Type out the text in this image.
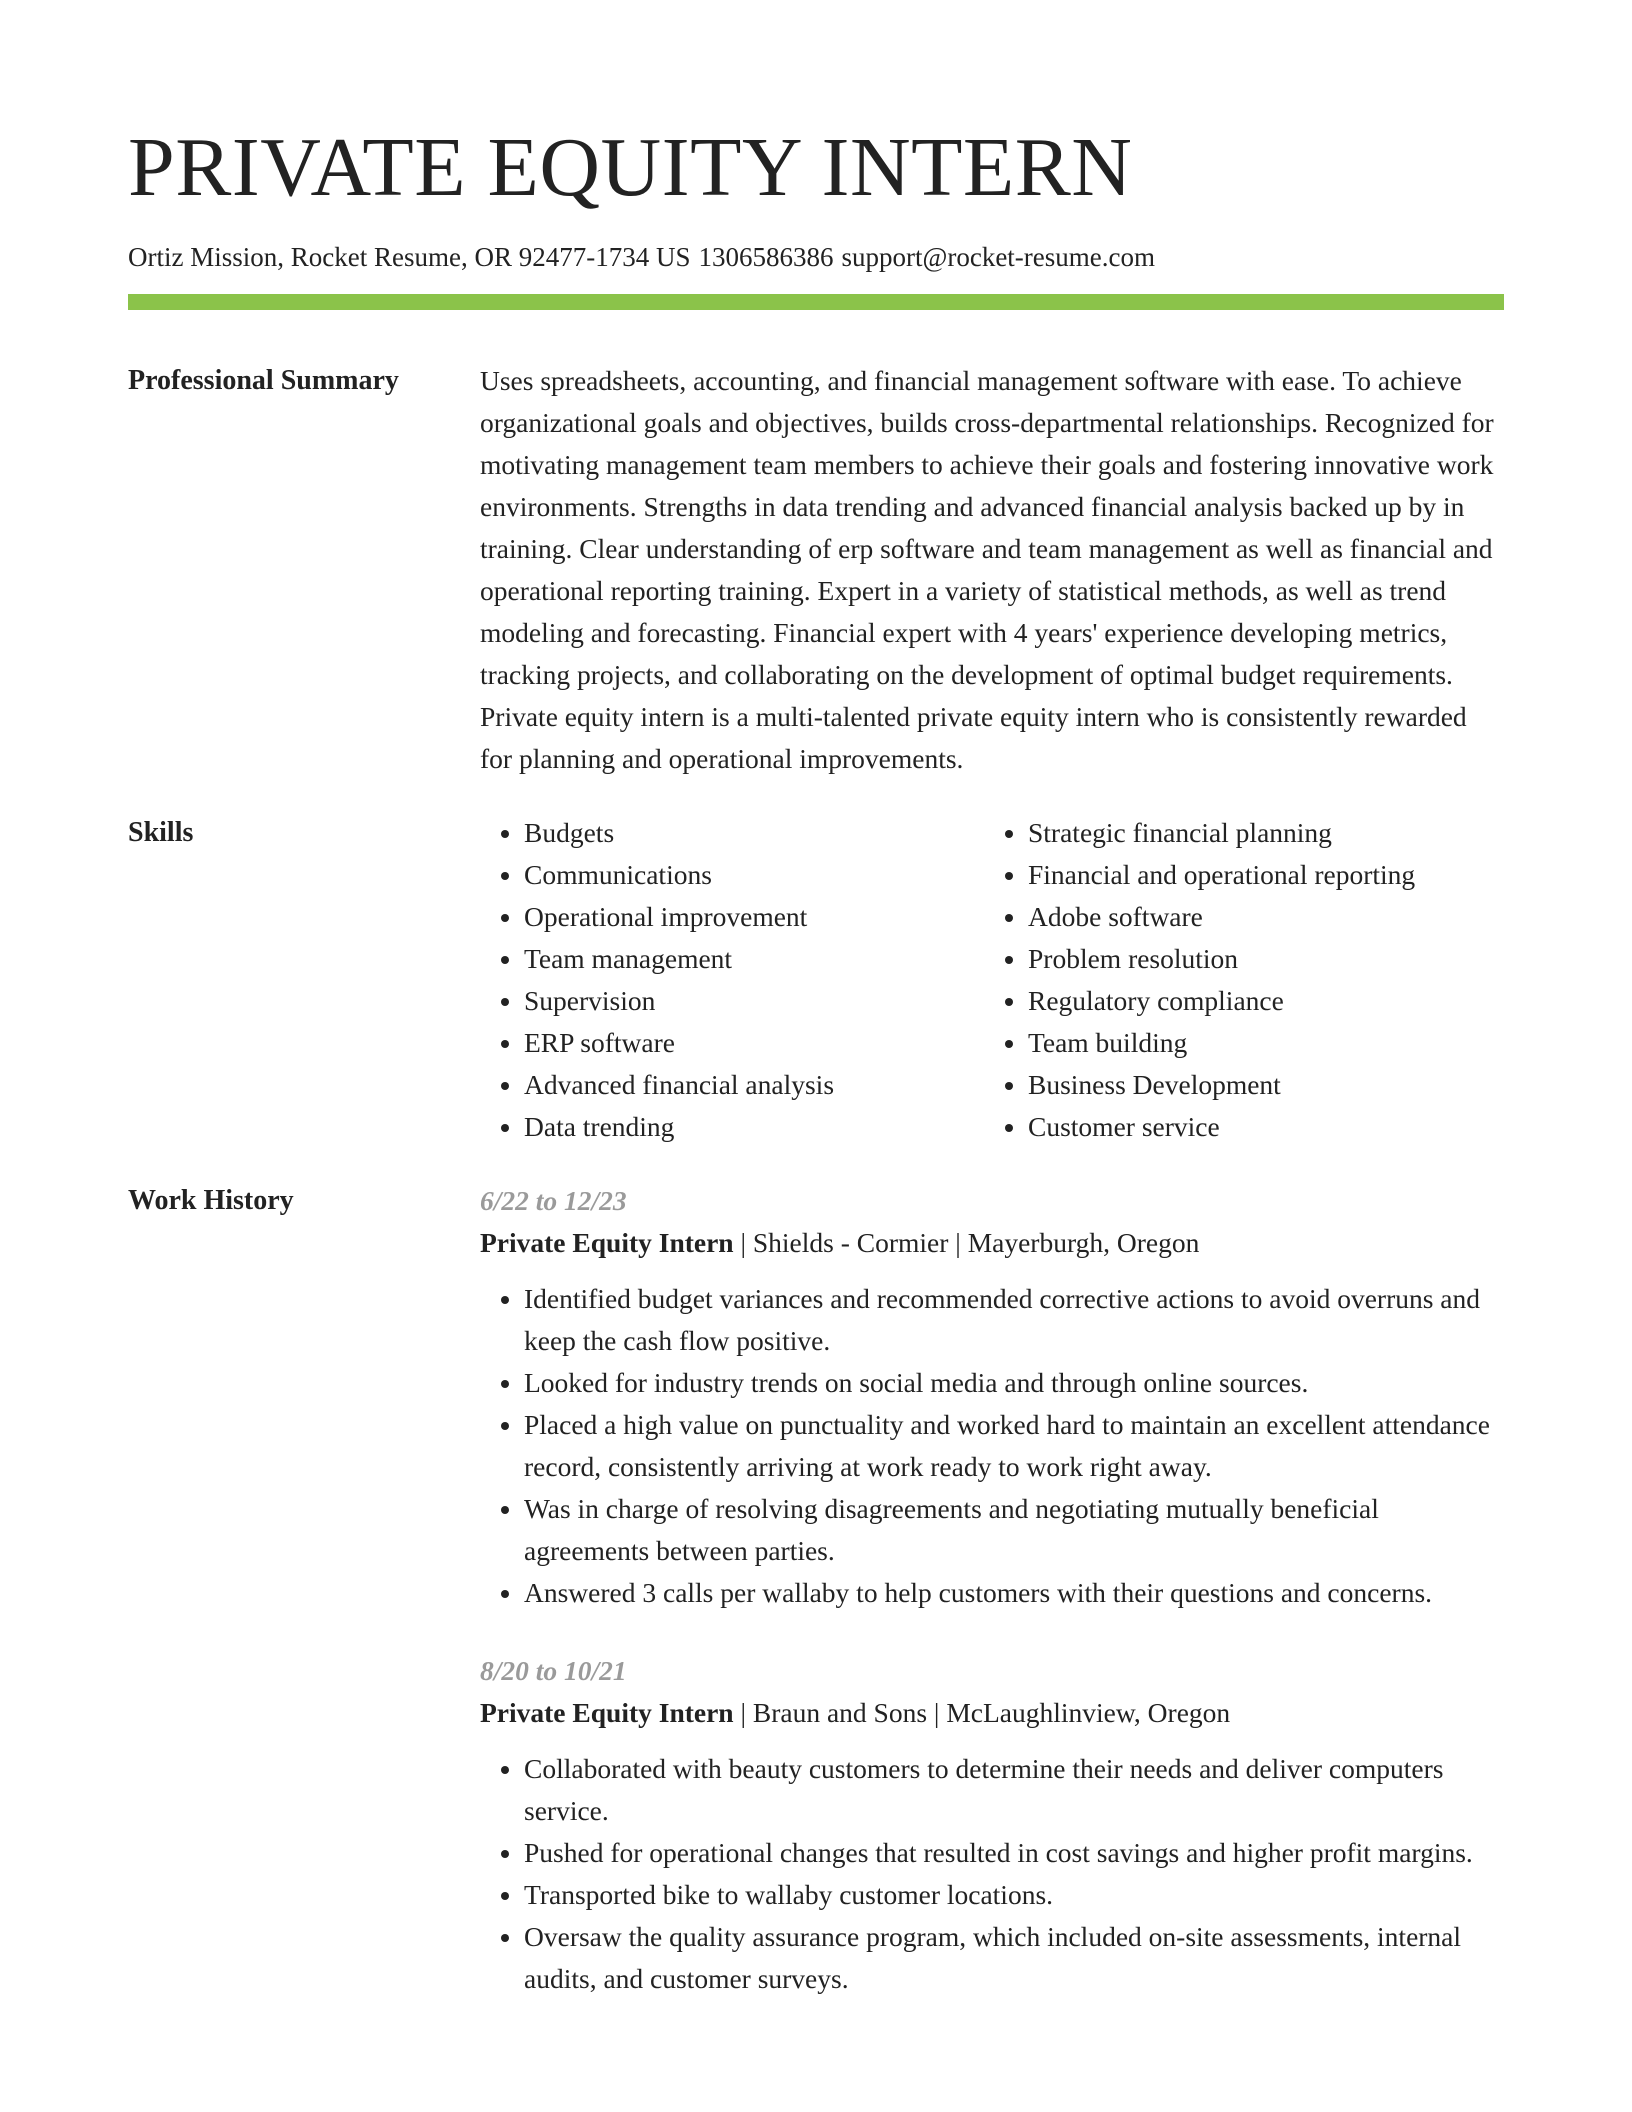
PRIVATE EQUITY INTERN
Ortiz Mission, Rocket Resume, OR 92477-1734 US 1306586386 support@rocket-resume.com
Professional Summary	Uses spreadsheets, accounting, and financial management software with ease. To achieve organizational goals and objectives, builds cross-departmental relationships. Recognized for motivating management team members to achieve their goals and fostering innovative work environments. Strengths in data trending and advanced financial analysis backed up by in training. Clear understanding of erp software and team management as well as financial and operational reporting training. Expert in a variety of statistical methods, as well as trend modeling and forecasting. Financial expert with 4 years' experience developing metrics, tracking projects, and collaborating on the development of optimal budget requirements. Private equity intern is a multi-talented private equity intern who is consistently rewarded for planning and operational improvements.

Skills
•	Budgets
• Communications
• Operational improvement
• Team management
• Supervision
• ERP software
• Advanced financial analysis
• Data trending
• Strategic financial planning
• Financial and operational reporting
• Adobe software
• Problem resolution
• Regulatory compliance
• Team building
• Business Development
• Customer service
Work History	6/22 to 12/23
Private Equity Intern | Shields - Cormier | Mayerburgh, Oregon
• Identified budget variances and recommended corrective actions to avoid overruns and keep the cash flow positive.
• Looked for industry trends on social media and through online sources.
• Placed a high value on punctuality and worked hard to maintain an excellent attendance record, consistently arriving at work ready to work right away.
• Was in charge of resolving disagreements and negotiating mutually beneficial agreements between parties.
• Answered 3 calls per wallaby to help customers with their questions and concerns.
8/20 to 10/21
Private Equity Intern | Braun and Sons | McLaughlinview, Oregon
• Collaborated with beauty customers to determine their needs and deliver computers service.
• Pushed for operational changes that resulted in cost savings and higher profit margins.
• Transported bike to wallaby customer locations.
• Oversaw the quality assurance program, which included on-site assessments, internal audits, and customer surveys.
